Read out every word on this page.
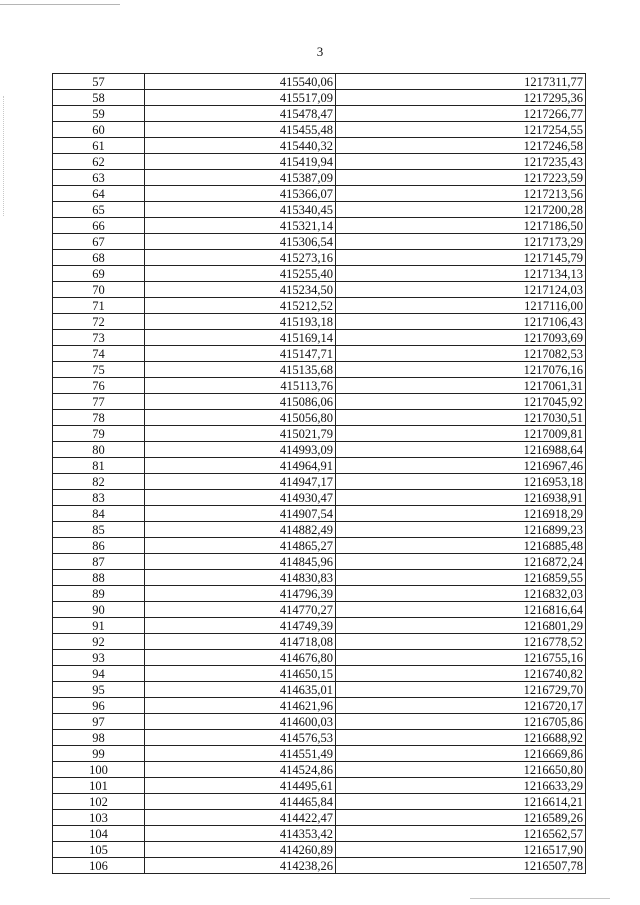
3
57	415540,06	1217311,77
58	415517,09	1217295,36
59	415478,47	1217266,77
60	415455,48	1217254,55
61	415440,32	1217246,58
62	415419,94	1217235,43
63	415387,09	1217223,59
64	415366,07	1217213,56
65	415340,45	1217200,28
66	415321,14	1217186,50
67	415306,54	1217173,29
68	415273,16	1217145,79
69	415255,40	1217134,13
70	415234,50	1217124,03
71	415212,52	1217116,00
72	415193,18	1217106,43
73	415169,14	1217093,69
74	415147,71	1217082,53
75	415135,68	1217076,16
76	415113,76	1217061,31
77	415086,06	1217045,92
78	415056,80	1217030,51
79	415021,79	1217009,81
80	414993,09	1216988,64
81	414964,91	1216967,46
82	414947,17	1216953,18
83	414930,47	1216938,91
84	414907,54	1216918,29
85	414882,49	1216899,23
86	414865,27	1216885,48
87	414845,96	1216872,24
88	414830,83	1216859,55
89	414796,39	1216832,03
90	414770,27	1216816,64
91	414749,39	1216801,29
92	414718,08	1216778,52
93	414676,80	1216755,16
94	414650,15	1216740,82
95	414635,01	1216729,70
96	414621,96	1216720,17
97	414600,03	1216705,86
98	414576,53	1216688,92
99	414551,49	1216669,86
100	414524,86	1216650,80
101	414495,61	1216633,29
102	414465,84	1216614,21
103	414422,47	1216589,26
104	414353,42	1216562,57
105	414260,89	1216517,90
106	414238,26	1216507,78
